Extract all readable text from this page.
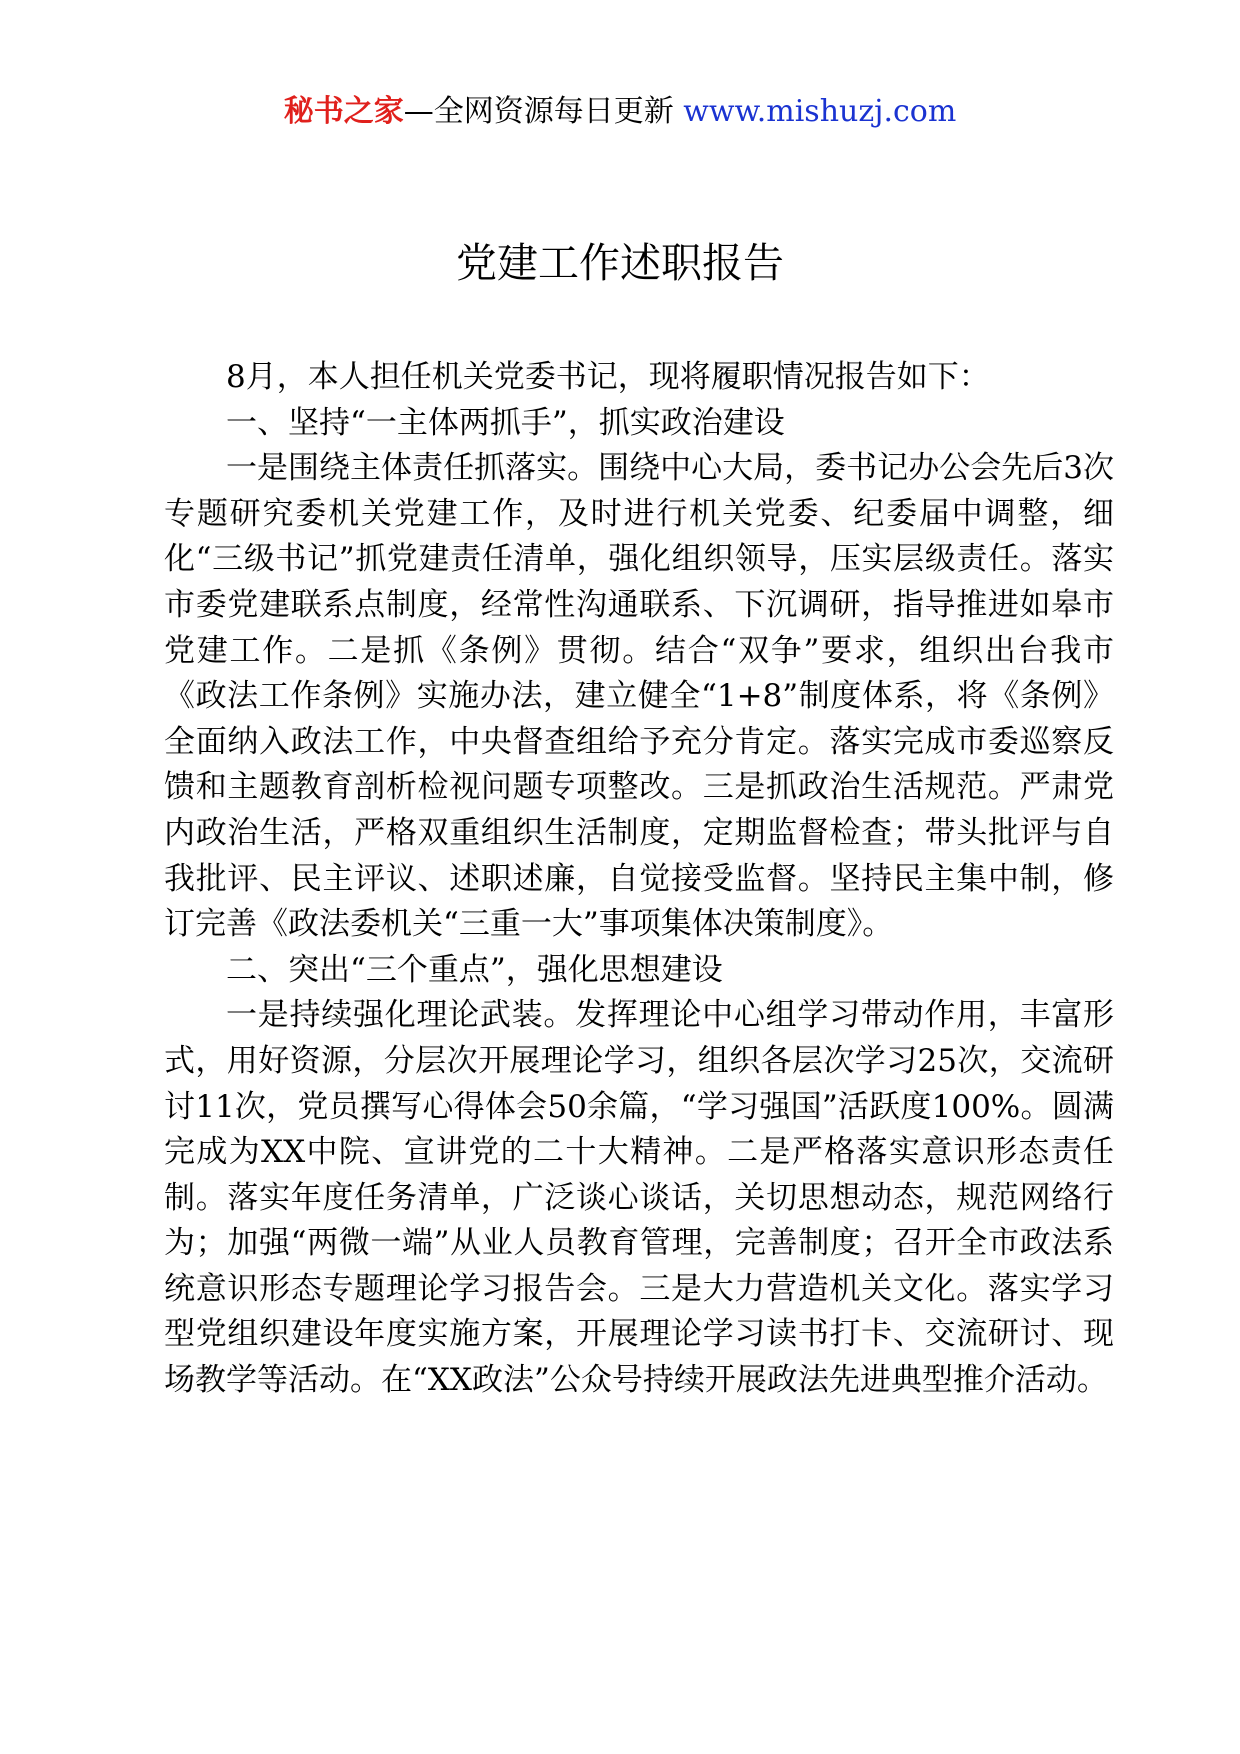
秘书之家—全网资源每日更新 www.mishuzj.com
党建工作述职报告

8月，本人担任机关党委书记，现将履职情况报告如下：

一、坚持“一主体两抓手”，抓实政治建设

一是围绕主体责任抓落实。围绕中心大局，委书记办公会先后3次专题研究委机关党建工作，及时进行机关党委、纪委届中调整，细化“三级书记”抓党建责任清单，强化组织领导，压实层级责任。落实市委党建联系点制度，经常性沟通联系、下沉调研，指导推进如皋市党建工作。二是抓《条例》贯彻。结合“双争”要求，组织出台我市《政法工作条例》实施办法，建立健全“1+8”制度体系，将《条例》全面纳入政法工作，中央督查组给予充分肯定。落实完成市委巡察反馈和主题教育剖析检视问题专项整改。三是抓政治生活规范。严肃党内政治生活，严格双重组织生活制度，定期监督检查；带头批评与自我批评、民主评议、述职述廉，自觉接受监督。坚持民主集中制，修订完善《政法委机关“三重一大”事项集体决策制度》。

二、突出“三个重点”，强化思想建设

一是持续强化理论武装。发挥理论中心组学习带动作用，丰富形式，用好资源，分层次开展理论学习，组织各层次学习25次，交流研讨11次，党员撰写心得体会50余篇，“学习强国”活跃度100%。圆满完成为XX中院、宣讲党的二十大精神。二是严格落实意识形态责任制。落实年度任务清单，广泛谈心谈话，关切思想动态，规范网络行为；加强“两微一端”从业人员教育管理，完善制度；召开全市政法系统意识形态专题理论学习报告会。三是大力营造机关文化。落实学习型党组织建设年度实施方案，开展理论学习读书打卡、交流研讨、现场教学等活动。在“XX政法”公众号持续开展政法先进典型推介活动。
